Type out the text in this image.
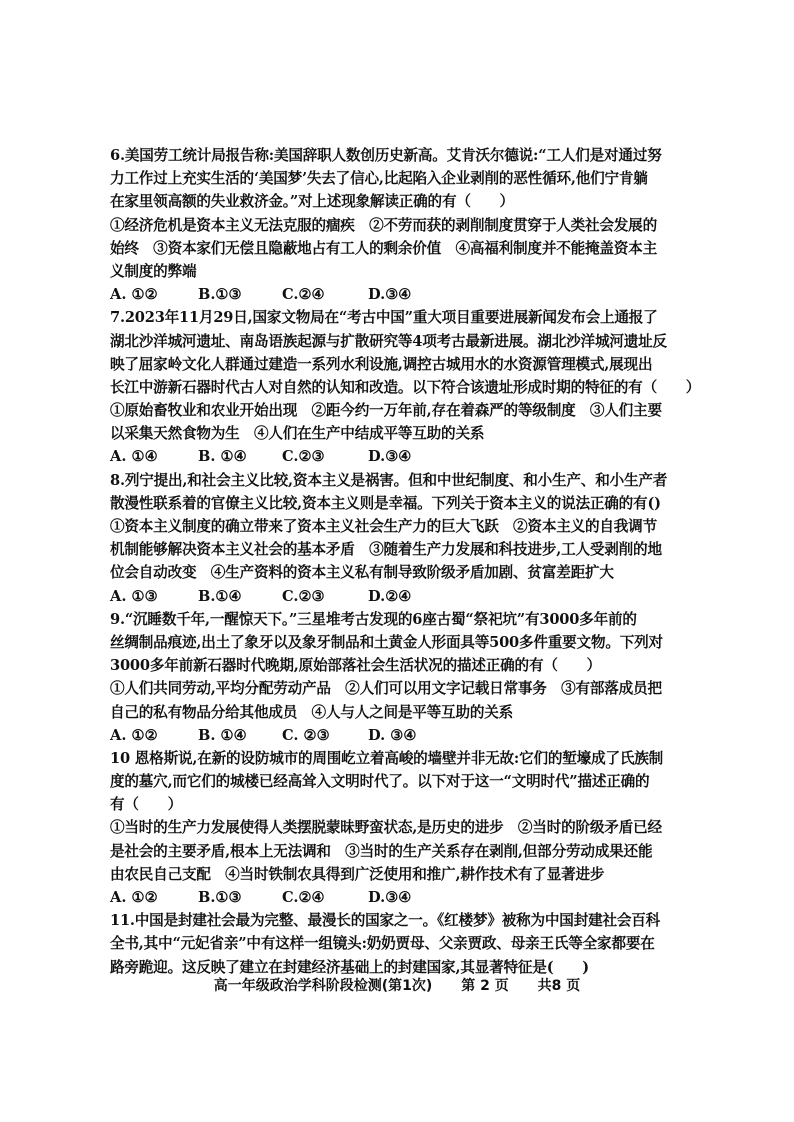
6.美国劳工统计局报告称:美国辞职人数创历史新高。艾肯沃尔德说:“工人们是对通过努
力工作过上充实生活的‘美国梦’失去了信心,比起陷入企业剥削的恶性循环,他们宁肯躺
在家里领高额的失业救济金。”对上述现象解读正确的有（　　）
①经济危机是资本主义无法克服的痼疾　②不劳而获的剥削制度贯穿于人类社会发展的
始终　③资本家们无偿且隐蔽地占有工人的剩余价值　④高福利制度并不能掩盖资本主
义制度的弊端
A. ①②	B.①③	C.②④	D.③④
7.2023年11月29日,国家文物局在“考古中国”重大项目重要进展新闻发布会上通报了
湖北沙洋城河遗址、南岛语族起源与扩散研究等4项考古最新进展。湖北沙洋城河遗址反
映了屈家岭文化人群通过建造一系列水利设施,调控古城用水的水资源管理模式,展现出
长江中游新石器时代古人对自然的认知和改造。以下符合该遗址形成时期的特征的有（　　）
①原始畜牧业和农业开始出现　②距今约一万年前,存在着森严的等级制度　③人们主要
以采集天然食物为生　④人们在生产中结成平等互助的关系
A. ①④	B. ①④	C.②③	D.③④
8.列宁提出,和社会主义比较,资本主义是祸害。但和中世纪制度、和小生产、和小生产者
散漫性联系着的官僚主义比较,资本主义则是幸福。下列关于资本主义的说法正确的有()
①资本主义制度的确立带来了资本主义社会生产力的巨大飞跃　②资本主义的自我调节
机制能够解决资本主义社会的基本矛盾　③随着生产力发展和科技进步,工人受剥削的地
位会自动改变　④生产资料的资本主义私有制导致阶级矛盾加剧、贫富差距扩大
A. ①③	B.①④	C.②③	D.②④
9.“沉睡数千年,一醒惊天下。”三星堆考古发现的6座古蜀“祭祀坑”有3000多年前的
丝绸制品痕迹,出土了象牙以及象牙制品和土黄金人形面具等500多件重要文物。下列对
3000多年前新石器时代晚期,原始部落社会生活状况的描述正确的有（　　）
①人们共同劳动,平均分配劳动产品　②人们可以用文字记载日常事务　③有部落成员把
自己的私有物品分给其他成员　④人与人之间是平等互助的关系
A. ①②	B. ①④	C. ②③	D. ③④
10 恩格斯说,在新的设防城市的周围屹立着高峻的墙壁并非无故:它们的堑壕成了氏族制
度的墓穴,而它们的城楼已经高耸入文明时代了。以下对于这一“文明时代”描述正确的
有（　　）
①当时的生产力发展使得人类摆脱蒙昧野蛮状态,是历史的进步　②当时的阶级矛盾已经
是社会的主要矛盾,根本上无法调和　③当时的生产关系存在剥削,但部分劳动成果还能
由农民自己支配　④当时铁制农具得到广泛使用和推广,耕作技术有了显著进步
A. ①②	B.①③	C.②④	D.③④
11.中国是封建社会最为完整、最漫长的国家之一。《红楼梦》被称为中国封建社会百科
全书,其中“元妃省亲”中有这样一组镜头:奶奶贾母、父亲贾政、母亲王氏等全家都要在
路旁跪迎。这反映了建立在封建经济基础上的封建国家,其显著特征是(　　)
高一年级政治学科阶段检测(第1次) 第 2 页 共8 页
